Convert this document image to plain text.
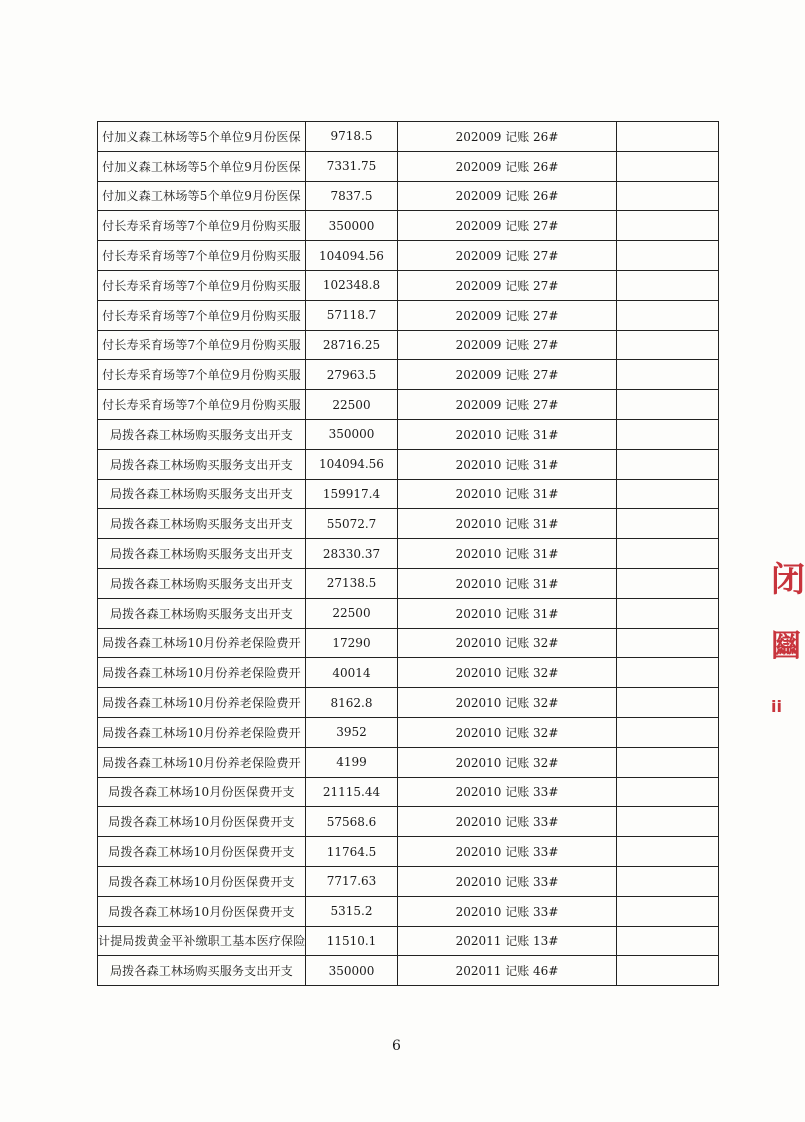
付加义森工林场等5个单位9月份医保	9718.5	202009 记账 26#	
付加义森工林场等5个单位9月份医保	7331.75	202009 记账 26#	
付加义森工林场等5个单位9月份医保	7837.5	202009 记账 26#	
付长寿采育场等7个单位9月份购买服	350000	202009 记账 27#	
付长寿采育场等7个单位9月份购买服	104094.56	202009 记账 27#	
付长寿采育场等7个单位9月份购买服	102348.8	202009 记账 27#	
付长寿采育场等7个单位9月份购买服	57118.7	202009 记账 27#	
付长寿采育场等7个单位9月份购买服	28716.25	202009 记账 27#	
付长寿采育场等7个单位9月份购买服	27963.5	202009 记账 27#	
付长寿采育场等7个单位9月份购买服	22500	202009 记账 27#	
局拨各森工林场购买服务支出开支	350000	202010 记账 31#	
局拨各森工林场购买服务支出开支	104094.56	202010 记账 31#	
局拨各森工林场购买服务支出开支	159917.4	202010 记账 31#	
局拨各森工林场购买服务支出开支	55072.7	202010 记账 31#	
局拨各森工林场购买服务支出开支	28330.37	202010 记账 31#	
局拨各森工林场购买服务支出开支	27138.5	202010 记账 31#	
局拨各森工林场购买服务支出开支	22500	202010 记账 31#	
局拨各森工林场10月份养老保险费开	17290	202010 记账 32#	
局拨各森工林场10月份养老保险费开	40014	202010 记账 32#	
局拨各森工林场10月份养老保险费开	8162.8	202010 记账 32#	
局拨各森工林场10月份养老保险费开	3952	202010 记账 32#	
局拨各森工林场10月份养老保险费开	4199	202010 记账 32#	
局拨各森工林场10月份医保费开支	21115.44	202010 记账 33#	
局拨各森工林场10月份医保费开支	57568.6	202010 记账 33#	
局拨各森工林场10月份医保费开支	11764.5	202010 记账 33#	
局拨各森工林场10月份医保费开支	7717.63	202010 记账 33#	
局拨各森工林场10月份医保费开支	5315.2	202010 记账 33#	
计提局拨黄金平补缴职工基本医疗保险	11510.1	202011 记账 13#	
局拨各森工林场购买服务支出开支	350000	202011 记账 46#	
6
闭
圝
ii
